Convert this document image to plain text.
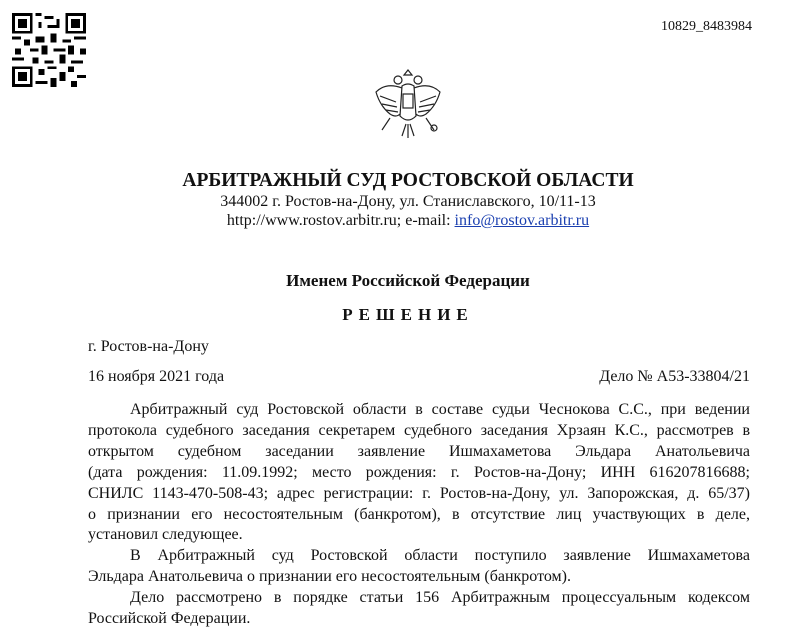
10829_8483984
АРБИТРАЖНЫЙ СУД РОСТОВСКОЙ ОБЛАСТИ
344002 г. Ростов-на-Дону, ул. Станиславского, 10/11-13
http://www.rostov.arbitr.ru; e-mail: info@rostov.arbitr.ru
Именем Российской Федерации
РЕШЕНИЕ
г. Ростов-на-Дону
16 ноября 2021 года	Дело № А53-33804/21
Арбитражный суд Ростовской области в составе судьи Чеснокова С.С., при ведении
протокола судебного заседания секретарем судебного заседания Хрзаян К.С., рассмотрев в
открытом судебном заседании заявление Ишмахаметова Эльдара Анатольевича
(дата рождения: 11.09.1992; место рождения: г. Ростов-на-Дону; ИНН 616207816688;
СНИЛС 1143-470-508-43; адрес регистрации: г. Ростов-на-Дону, ул. Запорожская, д. 65/37)
о признании его несостоятельным (банкротом), в отсутствие лиц участвующих в деле,
установил следующее.
В Арбитражный суд Ростовской области поступило заявление Ишмахаметова
Эльдара Анатольевича о признании его несостоятельным (банкротом).
Дело рассмотрено в порядке статьи 156 Арбитражным процессуальным кодексом
Российской Федерации.
